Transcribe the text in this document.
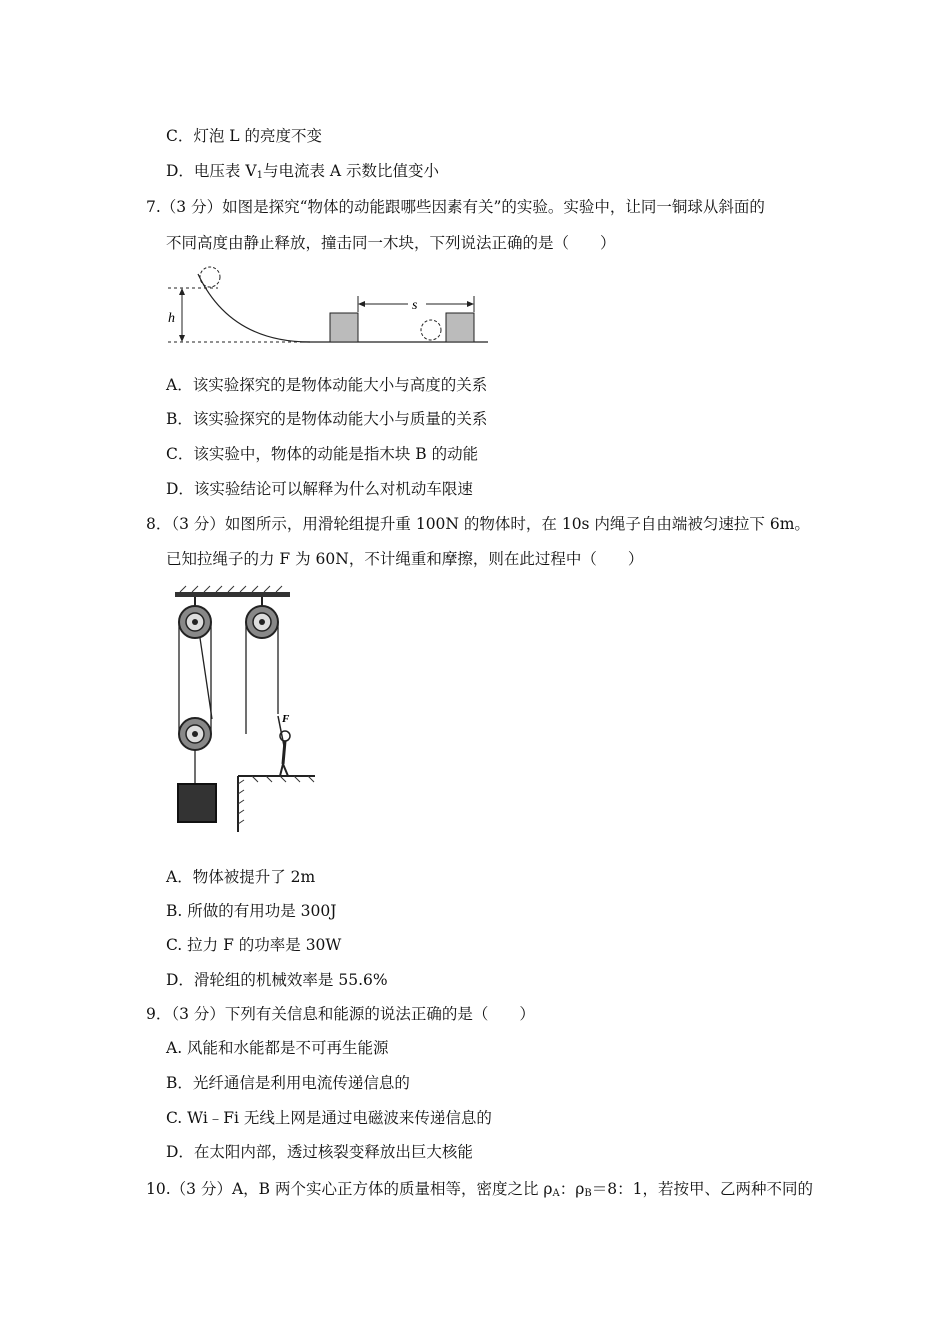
C．灯泡 L 的亮度不变
D．电压表 $V_1$与电流表 A 示数比值变小
7.（3 分）如图是探究“物体的动能跟哪些因素有关”的实验。实验中，让同一铜球从斜面的
不同高度由静止释放，撞击同一木块，下列说法正确的是（　　）
h
s
A．该实验探究的是物体动能大小与高度的关系
B．该实验探究的是物体动能大小与质量的关系
C．该实验中，物体的动能是指木块 B 的动能
D．该实验结论可以解释为什么对机动车限速
8．（3 分）如图所示，用滑轮组提升重 100N 的物体时，在 10s 内绳子自由端被匀速拉下 6m。
已知拉绳子的力 F 为 60N，不计绳重和摩擦，则在此过程中（　　）
F
A．物体被提升了 2m
B. 所做的有用功是 300J
C. 拉力 F 的功率是 30W
D．滑轮组的机械效率是 55.6%
9．（3 分）下列有关信息和能源的说法正确的是（　　）
A. 风能和水能都是不可再生能源
B．光纤通信是利用电流传递信息的
C. Wi﹣Fi 无线上网是通过电磁波来传递信息的
D．在太阳内部，透过核裂变释放出巨大核能
10.（3 分）A，B 两个实心正方体的质量相等，密度之比 $\rho_A$：$\rho_B=8$：1，若按甲、乙两种不同的
